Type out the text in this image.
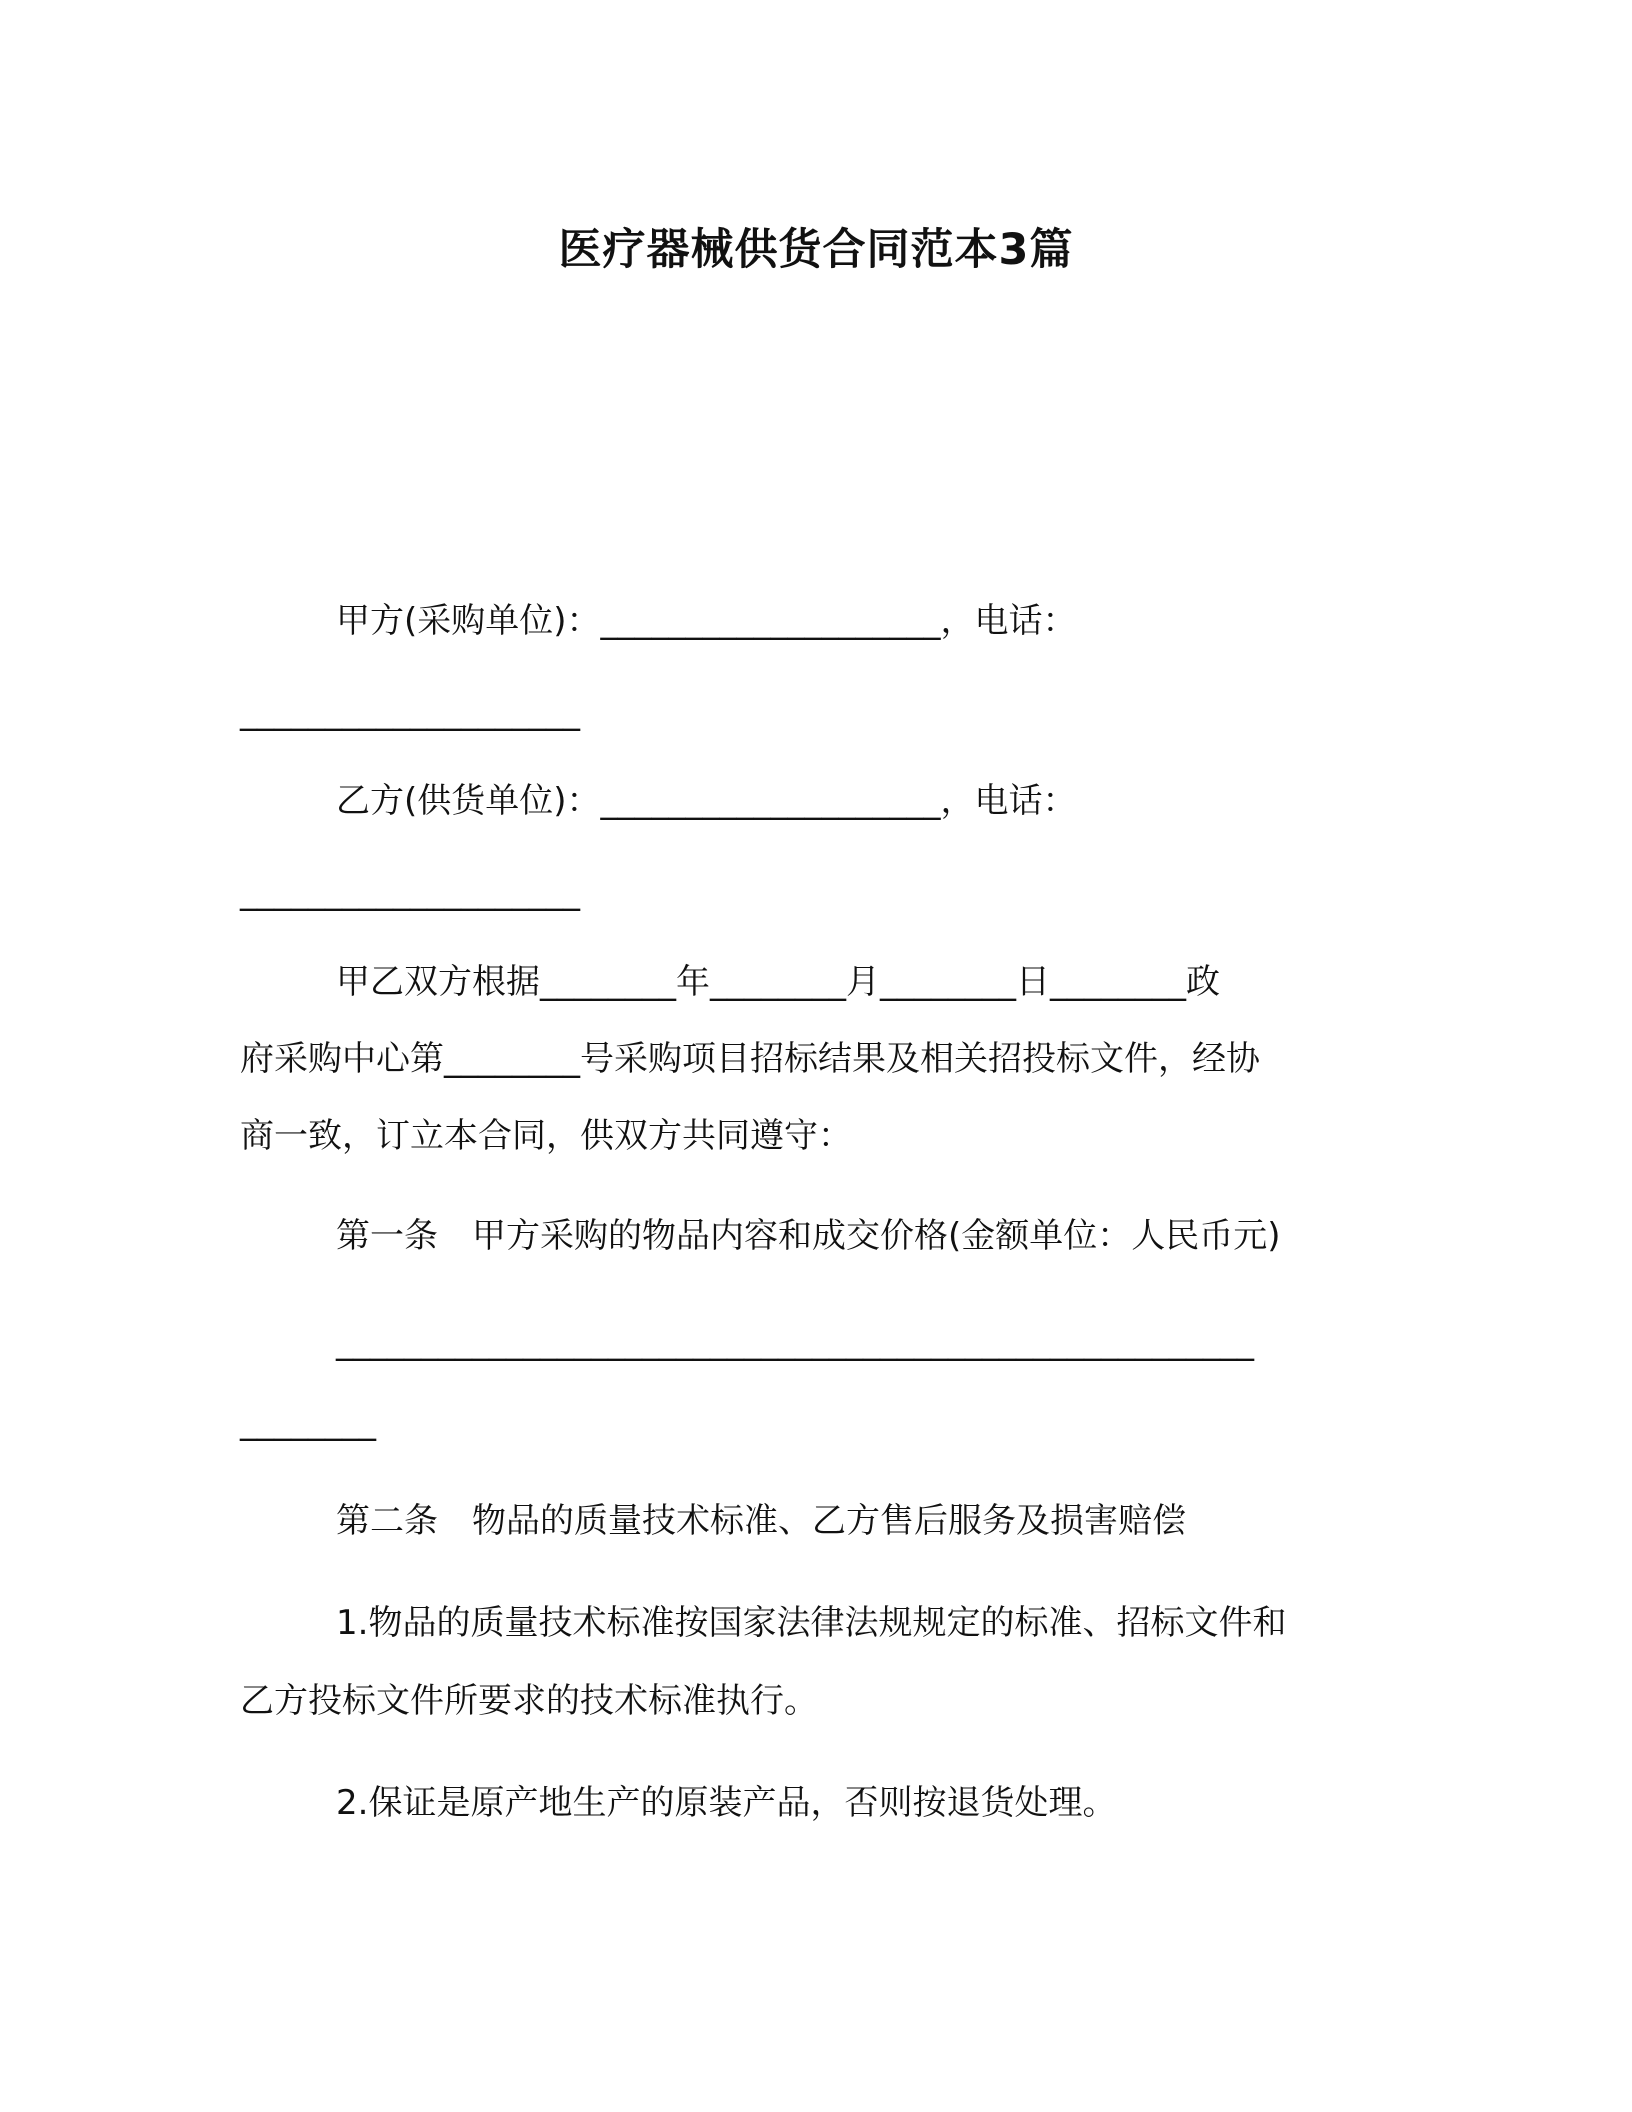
医疗器械供货合同范本3篇
甲方(采购单位)：____________________，电话：
____________________
乙方(供货单位)：____________________，电话：
____________________
甲乙双方根据________年________月________日________政
府采购中心第________号采购项目招标结果及相关招投标文件，经协
商一致，订立本合同，供双方共同遵守：
第一条　甲方采购的物品内容和成交价格(金额单位：人民币元)
______________________________________________________
________
第二条　物品的质量技术标准、乙方售后服务及损害赔偿
1.物品的质量技术标准按国家法律法规规定的标准、招标文件和
乙方投标文件所要求的技术标准执行。
2.保证是原产地生产的原装产品，否则按退货处理。
